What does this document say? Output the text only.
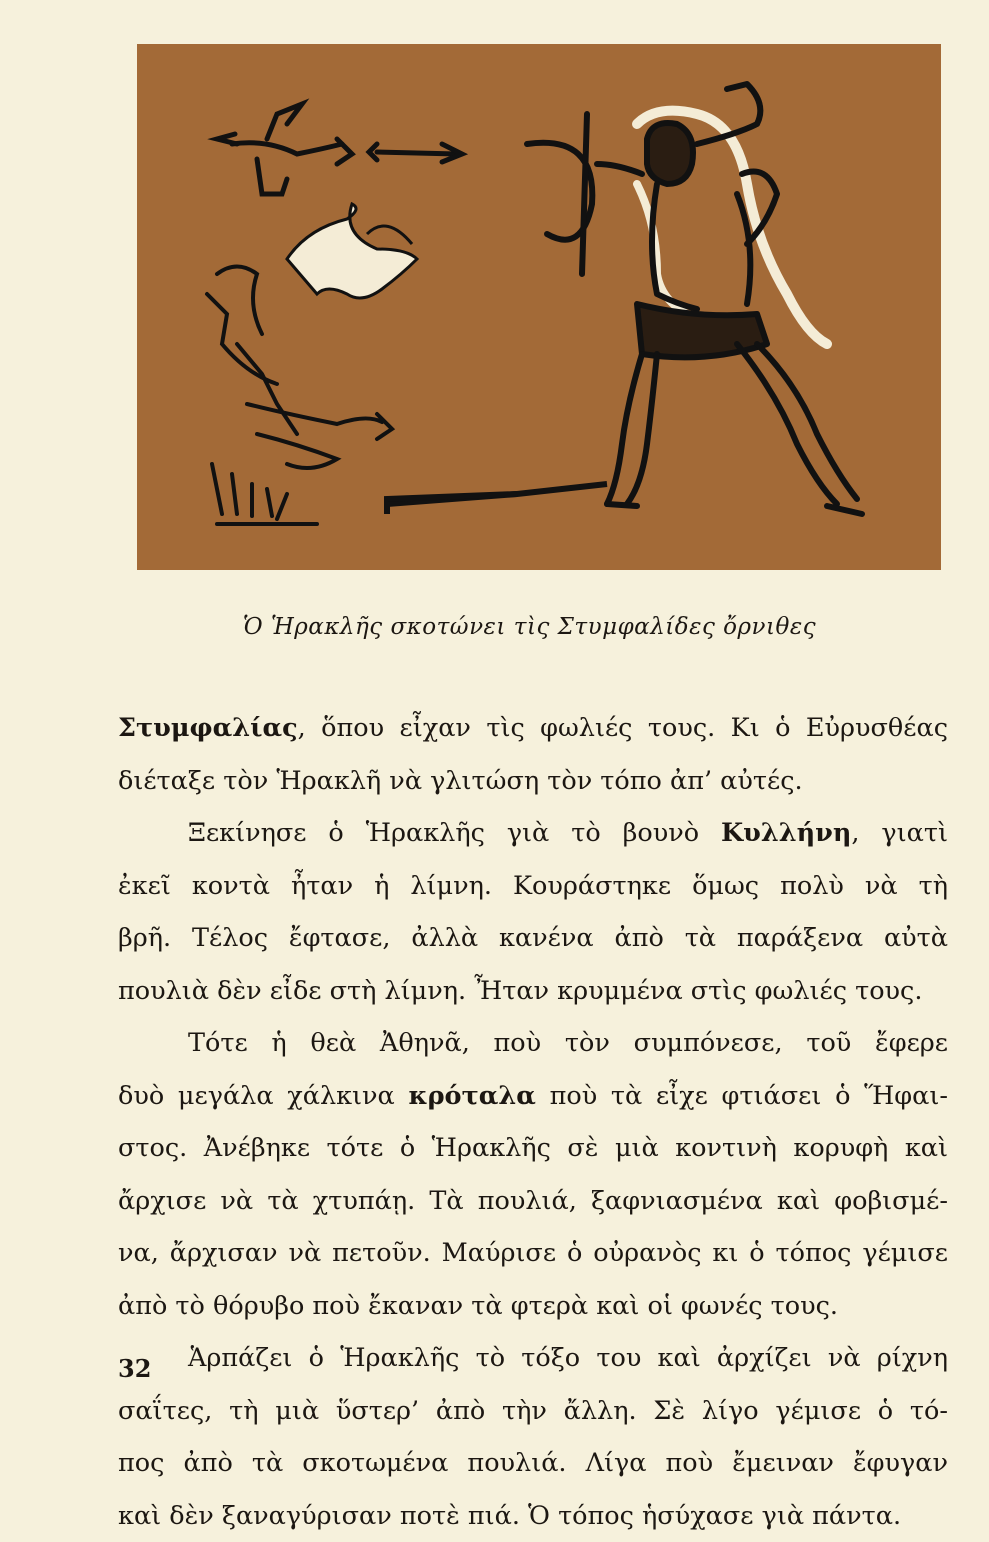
Ὁ Ἡρακλῆς σκοτώνει τὶς Στυμφαλίδες ὄρνιθες
Στυμφαλίας, ὅπου εἶχαν τὶς φωλιές τους. Κι ὁ Εὐρυσθέας
διέταξε τὸν Ἡρακλῆ νὰ γλιτώση τὸν τόπο ἀπ’ αὐτές.
Ξεκίνησε ὁ Ἡρακλῆς γιὰ τὸ βουνὸ Κυλλήνη, γιατὶ
ἐκεῖ κοντὰ ἦταν ἡ λίμνη. Κουράστηκε ὅμως πολὺ νὰ τὴ
βρῆ. Τέλος ἔφτασε, ἀλλὰ κανένα ἀπὸ τὰ παράξενα αὐτὰ
πουλιὰ δὲν εἶδε στὴ λίμνη. Ἦταν κρυμμένα στὶς φωλιές τους.
Τότε ἡ θεὰ Ἀθηνᾶ, ποὺ τὸν συμπόνεσε, τοῦ ἔφερε
δυὸ μεγάλα χάλκινα κρόταλα ποὺ τὰ εἶχε φτιάσει ὁ Ἥφαι-
στος. Ἀνέβηκε τότε ὁ Ἡρακλῆς σὲ μιὰ κοντινὴ κορυφὴ καὶ
ἄρχισε νὰ τὰ χτυπάῃ. Τὰ πουλιά, ξαφνιασμένα καὶ φοβισμέ-
να, ἄρχισαν νὰ πετοῦν. Μαύρισε ὁ οὐρανὸς κι ὁ τόπος γέμισε
ἀπὸ τὸ θόρυβο ποὺ ἔκαναν τὰ φτερὰ καὶ οἱ φωνές τους.
Ἁρπάζει ὁ Ἡρακλῆς τὸ τόξο του καὶ ἀρχίζει νὰ ρίχνη
σαΐτες, τὴ μιὰ ὕστερ’ ἀπὸ τὴν ἄλλη. Σὲ λίγο γέμισε ὁ τό-
πος ἀπὸ τὰ σκοτωμένα πουλιά. Λίγα ποὺ ἔμειναν ἔφυγαν
καὶ δὲν ξαναγύρισαν ποτὲ πιά. Ὁ τόπος ἡσύχασε γιὰ πάντα.
32
